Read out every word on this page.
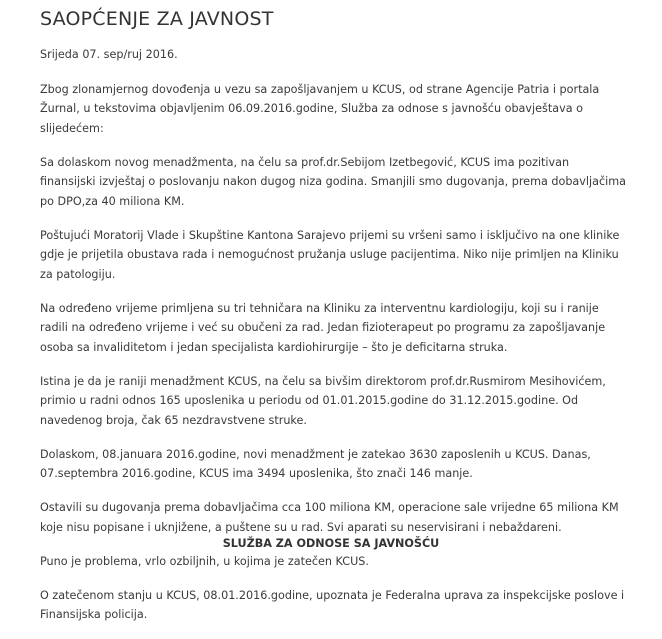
SAOPĆENJE ZA JAVNOST

Srijeda 07. sep/ruj 2016.

Zbog zlonamjernog dovođenja u vezu sa zapošljavanjem u KCUS, od strane Agencije Patria i portala Žurnal, u tekstovima objavljenim 06.09.2016.godine, Služba za odnose s javnošću obavještava o slijedećem:

Sa dolaskom novog menadžmenta, na čelu sa prof.dr.Sebijom Izetbegović, KCUS ima pozitivan finansijski izvještaj o poslovanju nakon dugog niza godina. Smanjili smo dugovanja, prema dobavljačima po DPO,za 40 miliona KM.

Poštujući Moratorij Vlade i Skupštine Kantona Sarajevo prijemi su vršeni samo i isključivo na one klinike gdje je prijetila obustava rada i nemogućnost pružanja usluge pacijentima. Niko nije primljen na Kliniku za patologiju.

Na određeno vrijeme primljena su tri tehničara na Kliniku za interventnu kardiologiju, koji su i ranije radili na određeno vrijeme i već su obučeni za rad. Jedan fizioterapeut po programu za zapošljavanje osoba sa invaliditetom i jedan specijalista kardiohirurgije – što je deficitarna struka.

Istina je da je raniji menadžment KCUS, na čelu sa bivšim direktorom prof.dr.Rusmirom Mesihovićem, primio u radni odnos 165 uposlenika u periodu od 01.01.2015.godine do 31.12.2015.godine. Od navedenog broja, čak 65 nezdravstvene struke.

Dolaskom, 08.januara 2016.godine, novi menadžment je zatekao 3630 zaposlenih u KCUS. Danas, 07.septembra 2016.godine, KCUS ima 3494 uposlenika, što znači 146 manje.

Ostavili su dugovanja prema dobavljačima cca 100 miliona KM, operacione sale vrijedne 65 miliona KM koje nisu popisane i uknjižene, a puštene su u rad. Svi aparati su neservisirani i nebaždareni.

Puno je problema, vrlo ozbiljnih, u kojima je zatečen KCUS.

O zatečenom stanju u KCUS, 08.01.2016.godine, upoznata je Federalna uprava za inspekcijske poslove i Finansijska policija.

SLUŽBA ZA ODNOSE SA JAVNOŠĆU
